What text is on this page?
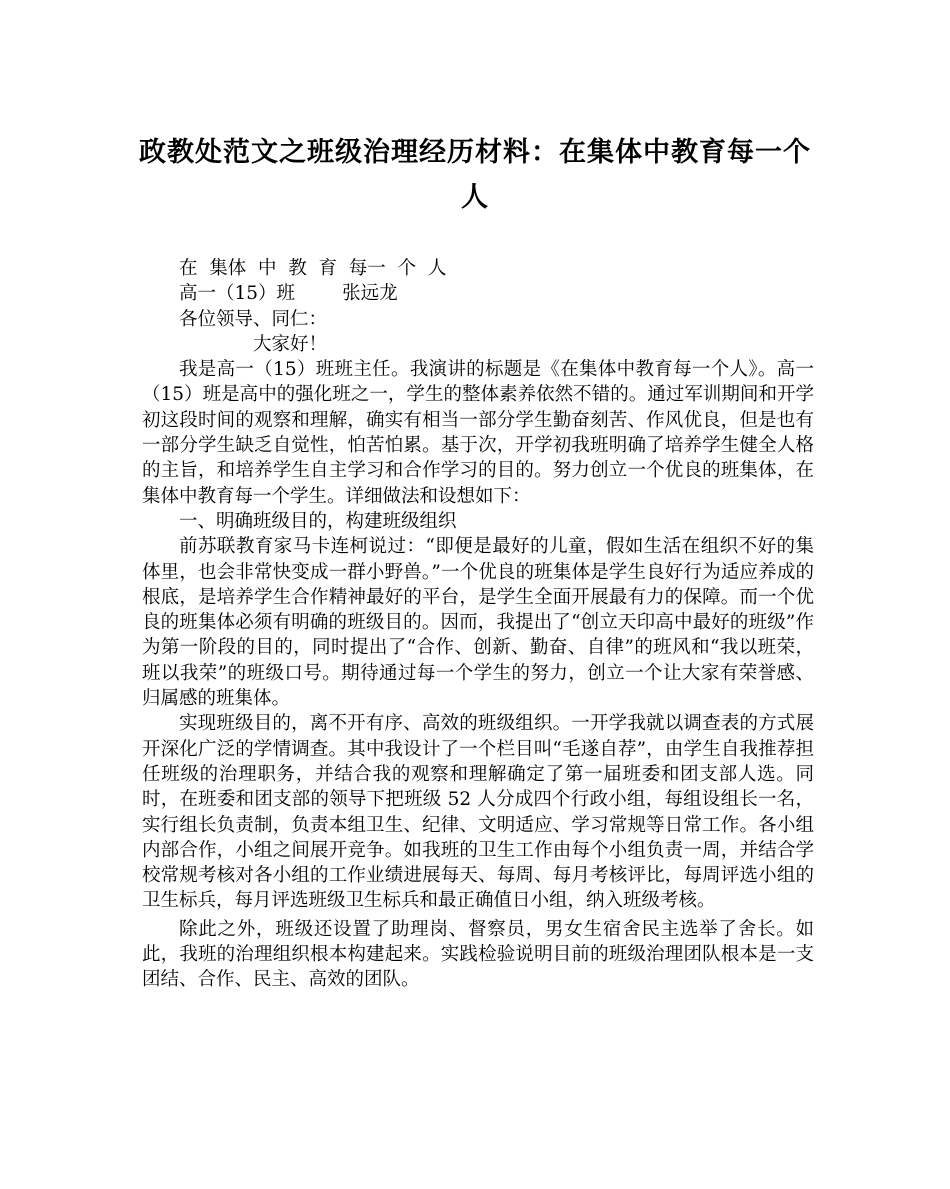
政教处范文之班级治理经历材料：在集体中教育每一个人

在  集体  中  教  育  每一  个  人

高一（15）班        张远龙

各位领导、同仁：

大家好！

我是高一（15）班班主任。我演讲的标题是《在集体中教育每一个人》。高一（15）班是高中的强化班之一，学生的整体素养依然不错的。通过军训期间和开学初这段时间的观察和理解，确实有相当一部分学生勤奋刻苦、作风优良，但是也有一部分学生缺乏自觉性，怕苦怕累。基于次，开学初我班明确了培养学生健全人格的主旨，和培养学生自主学习和合作学习的目的。努力创立一个优良的班集体，在集体中教育每一个学生。详细做法和设想如下：

一、明确班级目的，构建班级组织

前苏联教育家马卡连柯说过：“即便是最好的儿童，假如生活在组织不好的集体里，也会非常快变成一群小野兽。”一个优良的班集体是学生良好行为适应养成的根底，是培养学生合作精神最好的平台，是学生全面开展最有力的保障。而一个优良的班集体必须有明确的班级目的。因而，我提出了“创立天印高中最好的班级”作为第一阶段的目的，同时提出了“合作、创新、勤奋、自律”的班风和“我以班荣，班以我荣”的班级口号。期待通过每一个学生的努力，创立一个让大家有荣誉感、归属感的班集体。

实现班级目的，离不开有序、高效的班级组织。一开学我就以调查表的方式展开深化广泛的学情调查。其中我设计了一个栏目叫“毛遂自荐”，由学生自我推荐担任班级的治理职务，并结合我的观察和理解确定了第一届班委和团支部人选。同时，在班委和团支部的领导下把班级 52 人分成四个行政小组，每组设组长一名，实行组长负责制，负责本组卫生、纪律、文明适应、学习常规等日常工作。各小组内部合作，小组之间展开竞争。如我班的卫生工作由每个小组负责一周，并结合学校常规考核对各小组的工作业绩进展每天、每周、每月考核评比，每周评选小组的卫生标兵，每月评选班级卫生标兵和最正确值日小组，纳入班级考核。

除此之外，班级还设置了助理岗、督察员，男女生宿舍民主选举了舍长。如此，我班的治理组织根本构建起来。实践检验说明目前的班级治理团队根本是一支团结、合作、民主、高效的团队。
